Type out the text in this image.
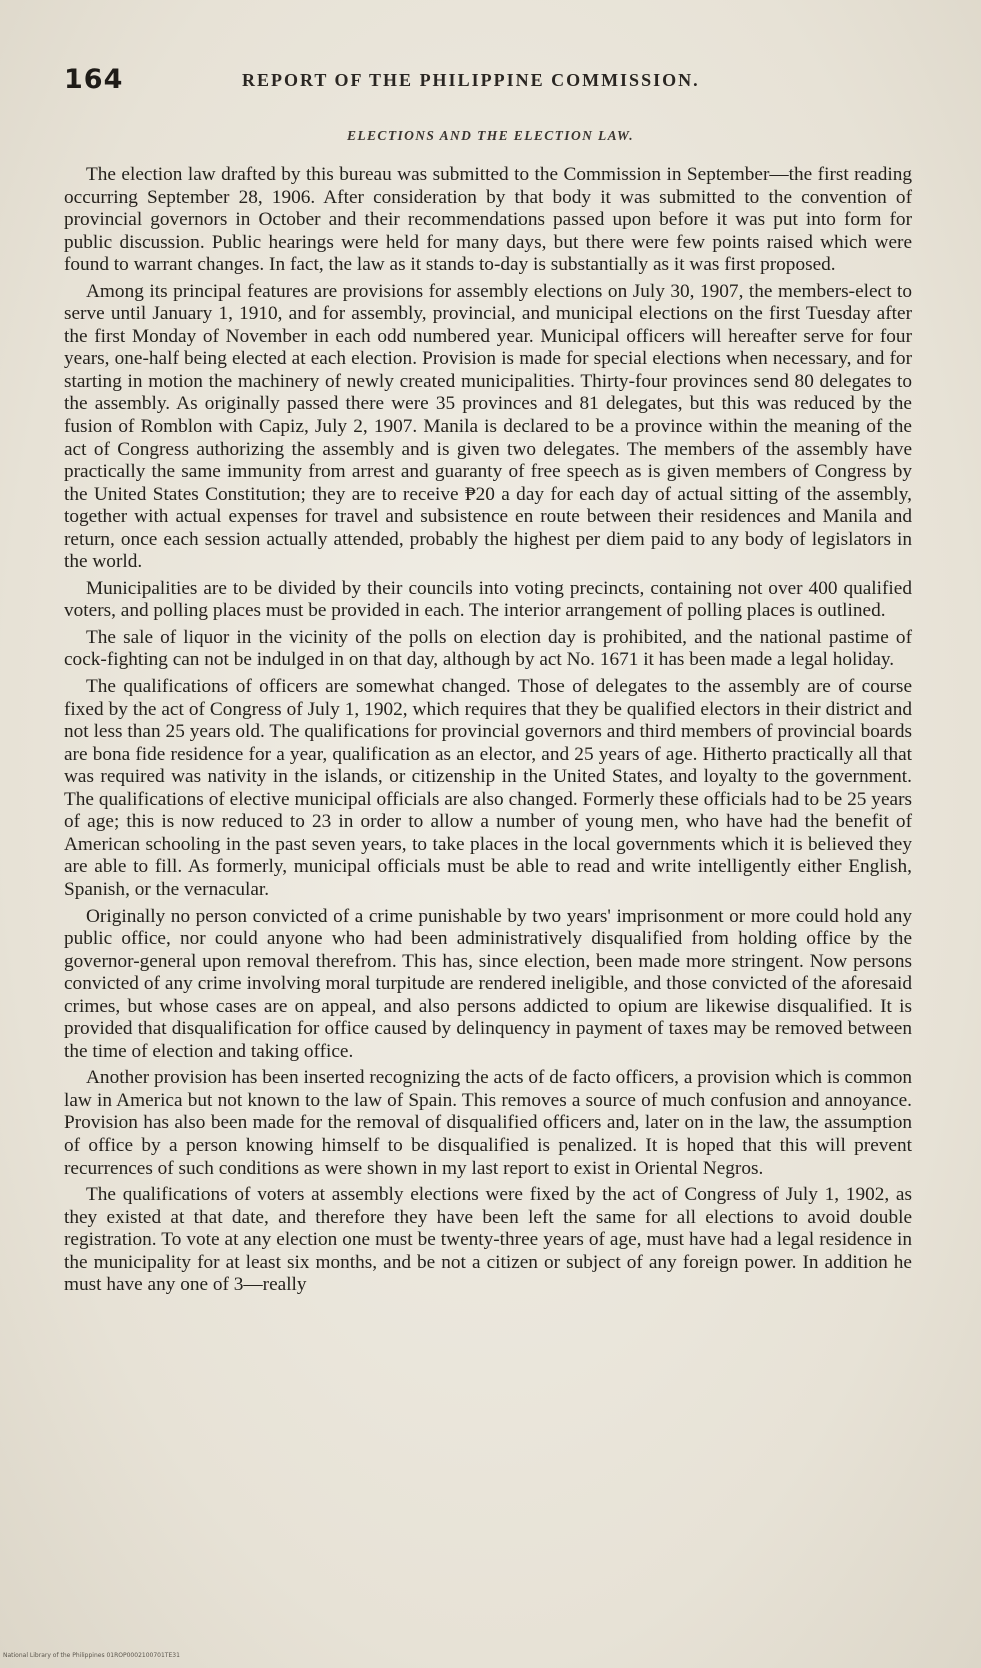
164	REPORT OF THE PHILIPPINE COMMISSION.
ELECTIONS AND THE ELECTION LAW.

The election law drafted by this bureau was submitted to the Commission in September—the first reading occurring September 28, 1906. After consideration by that body it was submitted to the convention of provincial governors in October and their recommendations passed upon before it was put into form for public discussion. Public hearings were held for many days, but there were few points raised which were found to warrant changes. In fact, the law as it stands to-day is substantially as it was first proposed.

Among its principal features are provisions for assembly elections on July 30, 1907, the members-elect to serve until January 1, 1910, and for assembly, provincial, and municipal elections on the first Tuesday after the first Monday of November in each odd numbered year. Municipal officers will hereafter serve for four years, one-half being elected at each election. Provision is made for special elections when necessary, and for starting in motion the machinery of newly created municipalities. Thirty-four provinces send 80 delegates to the assembly. As originally passed there were 35 provinces and 81 delegates, but this was reduced by the fusion of Romblon with Capiz, July 2, 1907. Manila is declared to be a province within the meaning of the act of Congress authorizing the assembly and is given two delegates. The members of the assembly have practically the same immunity from arrest and guaranty of free speech as is given members of Congress by the United States Constitution; they are to receive ₱20 a day for each day of actual sitting of the assembly, together with actual expenses for travel and subsistence en route between their residences and Manila and return, once each session actually attended, probably the highest per diem paid to any body of legislators in the world.

Municipalities are to be divided by their councils into voting precincts, containing not over 400 qualified voters, and polling places must be provided in each. The interior arrangement of polling places is outlined.

The sale of liquor in the vicinity of the polls on election day is prohibited, and the national pastime of cock-fighting can not be indulged in on that day, although by act No. 1671 it has been made a legal holiday.

The qualifications of officers are somewhat changed. Those of delegates to the assembly are of course fixed by the act of Congress of July 1, 1902, which requires that they be qualified electors in their district and not less than 25 years old. The qualifications for provincial governors and third members of provincial boards are bona fide residence for a year, qualification as an elector, and 25 years of age. Hitherto practically all that was required was nativity in the islands, or citizenship in the United States, and loyalty to the government. The qualifications of elective municipal officials are also changed. Formerly these officials had to be 25 years of age; this is now reduced to 23 in order to allow a number of young men, who have had the benefit of American schooling in the past seven years, to take places in the local governments which it is believed they are able to fill. As formerly, municipal officials must be able to read and write intelligently either English, Spanish, or the vernacular.

Originally no person convicted of a crime punishable by two years' imprisonment or more could hold any public office, nor could anyone who had been administratively disqualified from holding office by the governor-general upon removal therefrom. This has, since election, been made more stringent. Now persons convicted of any crime involving moral turpitude are rendered ineligible, and those convicted of the aforesaid crimes, but whose cases are on appeal, and also persons addicted to opium are likewise disqualified. It is provided that disqualification for office caused by delinquency in payment of taxes may be removed between the time of election and taking office.

Another provision has been inserted recognizing the acts of de facto officers, a provision which is common law in America but not known to the law of Spain. This removes a source of much confusion and annoyance. Provision has also been made for the removal of disqualified officers and, later on in the law, the assumption of office by a person knowing himself to be disqualified is penalized. It is hoped that this will prevent recurrences of such conditions as were shown in my last report to exist in Oriental Negros.

The qualifications of voters at assembly elections were fixed by the act of Congress of July 1, 1902, as they existed at that date, and therefore they have been left the same for all elections to avoid double registration. To vote at any election one must be twenty-three years of age, must have had a legal residence in the municipality for at least six months, and be not a citizen or subject of any foreign power. In addition he must have any one of 3—really

National Library of the Philippines 01ROP0002100701TE31
